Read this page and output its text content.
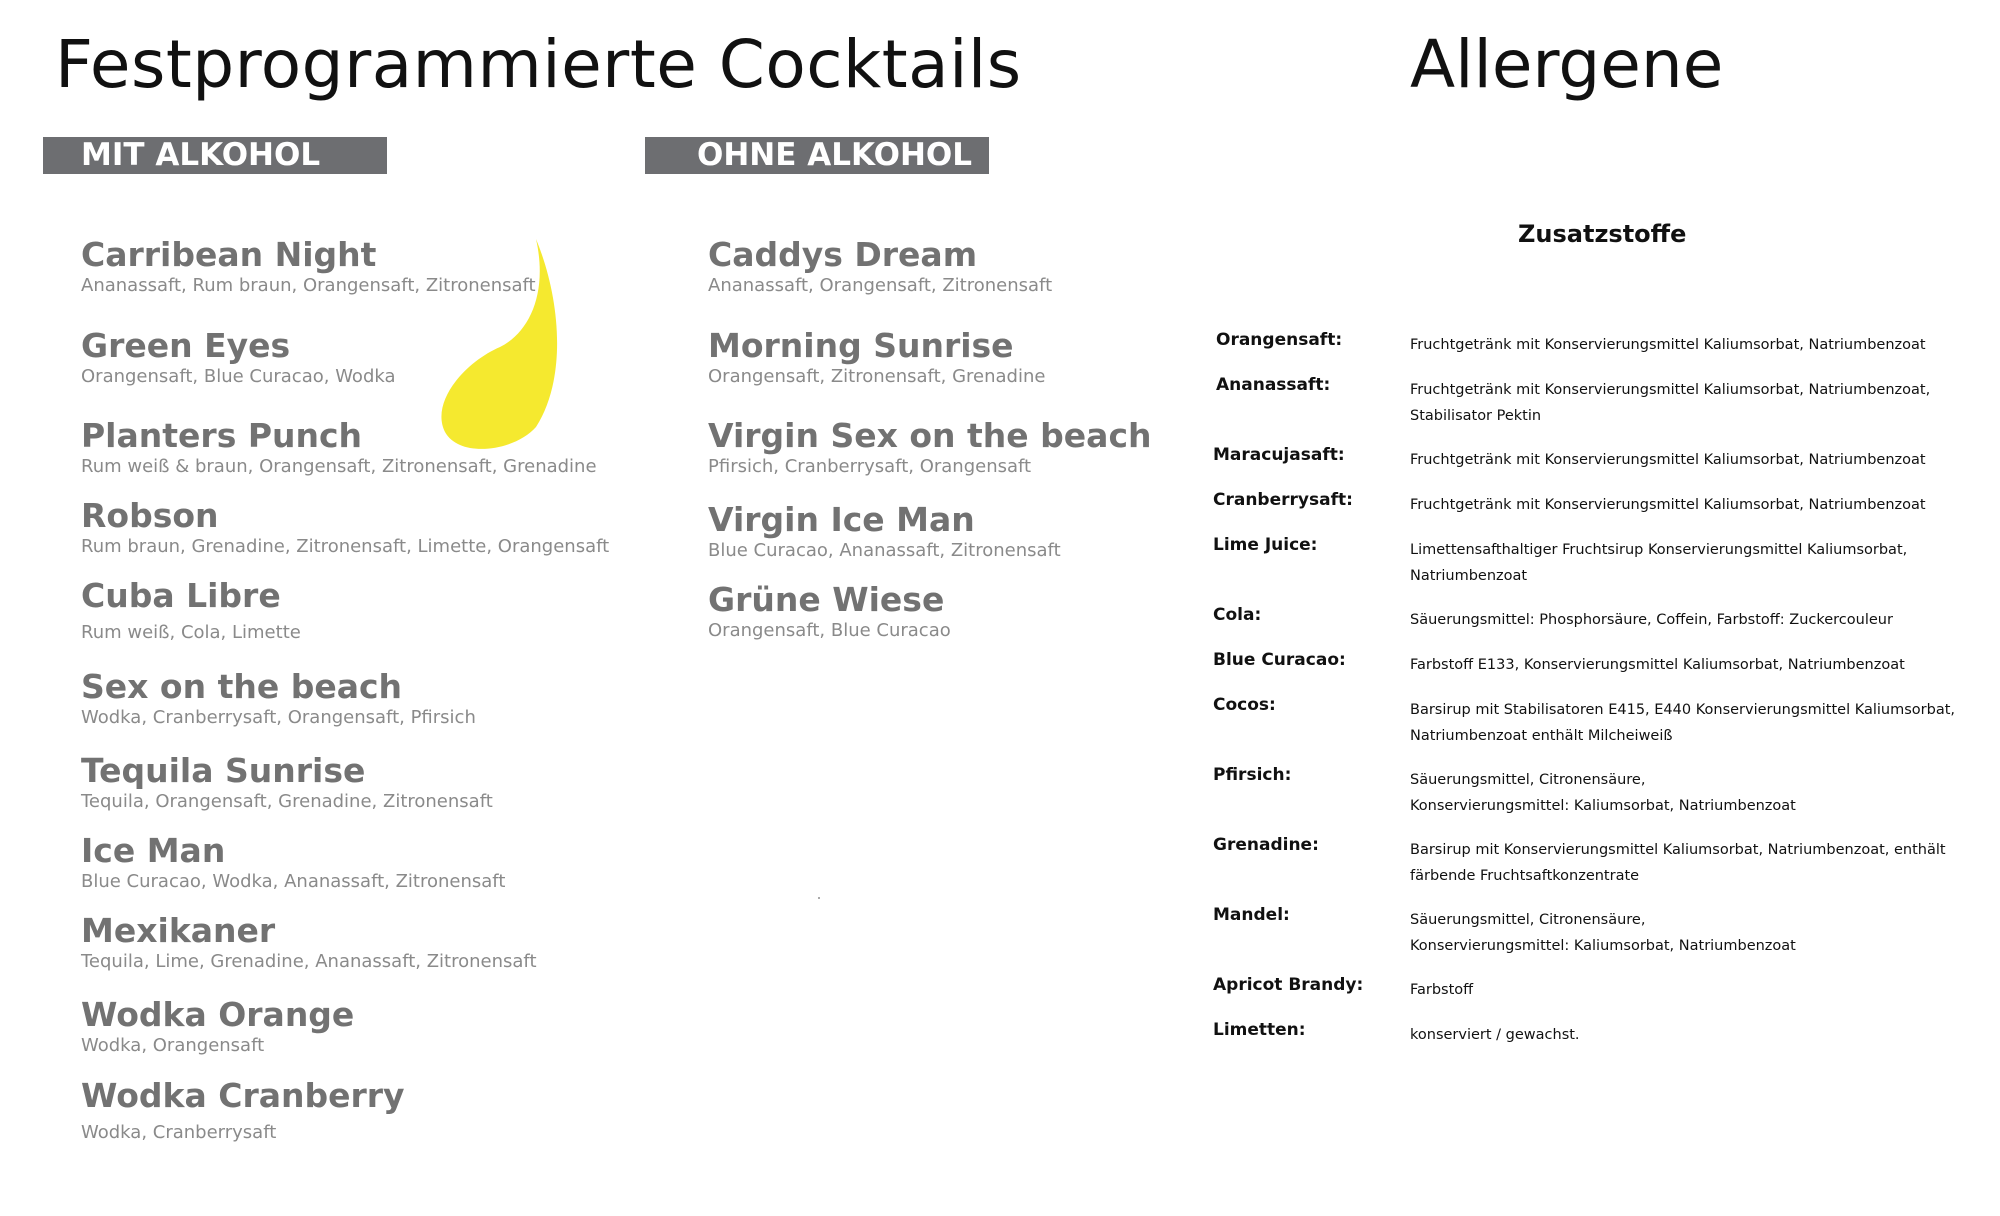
Festprogrammierte Cocktails	Allergene
MIT ALKOHOL	OHNE ALKOHOL
Carribean Night
Ananassaft, Rum braun, Orangensaft, Zitronensaft
Green Eyes
Orangensaft, Blue Curacao, Wodka
Planters Punch
Rum weiß & braun, Orangensaft, Zitronensaft, Grenadine
Robson
Rum braun, Grenadine, Zitronensaft, Limette, Orangensaft
Cuba Libre
Rum weiß, Cola, Limette
Sex on the beach
Wodka, Cranberrysaft, Orangensaft, Pfirsich
Tequila Sunrise
Tequila, Orangensaft, Grenadine, Zitronensaft
Ice Man
Blue Curacao, Wodka, Ananassaft, Zitronensaft
Mexikaner
Tequila, Lime, Grenadine, Ananassaft, Zitronensaft
Wodka Orange
Wodka, Orangensaft
Wodka Cranberry
Wodka, Cranberrysaft
Caddys Dream
Ananassaft, Orangensaft, Zitronensaft
Morning Sunrise
Orangensaft, Zitronensaft, Grenadine
Virgin Sex on the beach
Pfirsich, Cranberrysaft, Orangensaft
Virgin Ice Man
Blue Curacao, Ananassaft, Zitronensaft
Grüne Wiese
Orangensaft, Blue Curacao
Zusatzstoffe
Orangensaft:	Fruchtgetränk mit Konservierungsmittel Kaliumsorbat, Natriumbenzoat
Ananassaft:	Fruchtgetränk mit Konservierungsmittel Kaliumsorbat, Natriumbenzoat, Stabilisator Pektin
Maracujasaft:	Fruchtgetränk mit Konservierungsmittel Kaliumsorbat, Natriumbenzoat
Cranberrysaft:	Fruchtgetränk mit Konservierungsmittel Kaliumsorbat, Natriumbenzoat
Lime Juice:	Limettensafthaltiger Fruchtsirup Konservierungsmittel Kaliumsorbat, Natriumbenzoat
Cola:	Säuerungsmittel: Phosphorsäure, Coffein, Farbstoff: Zuckercouleur
Blue Curacao:	Farbstoff E133, Konservierungsmittel Kaliumsorbat, Natriumbenzoat
Cocos:	Barsirup mit Stabilisatoren E415, E440 Konservierungsmittel Kaliumsorbat, Natriumbenzoat enthält Milcheiweiß
Pfirsich:	Säuerungsmittel, Citronensäure,
Konservierungsmittel: Kaliumsorbat, Natriumbenzoat
Grenadine:	Barsirup mit Konservierungsmittel Kaliumsorbat, Natriumbenzoat, enthält färbende Fruchtsaftkonzentrate
Mandel:	Säuerungsmittel, Citronensäure,
Konservierungsmittel: Kaliumsorbat, Natriumbenzoat
Apricot Brandy:	Farbstoff
Limetten:	konserviert / gewachst.
